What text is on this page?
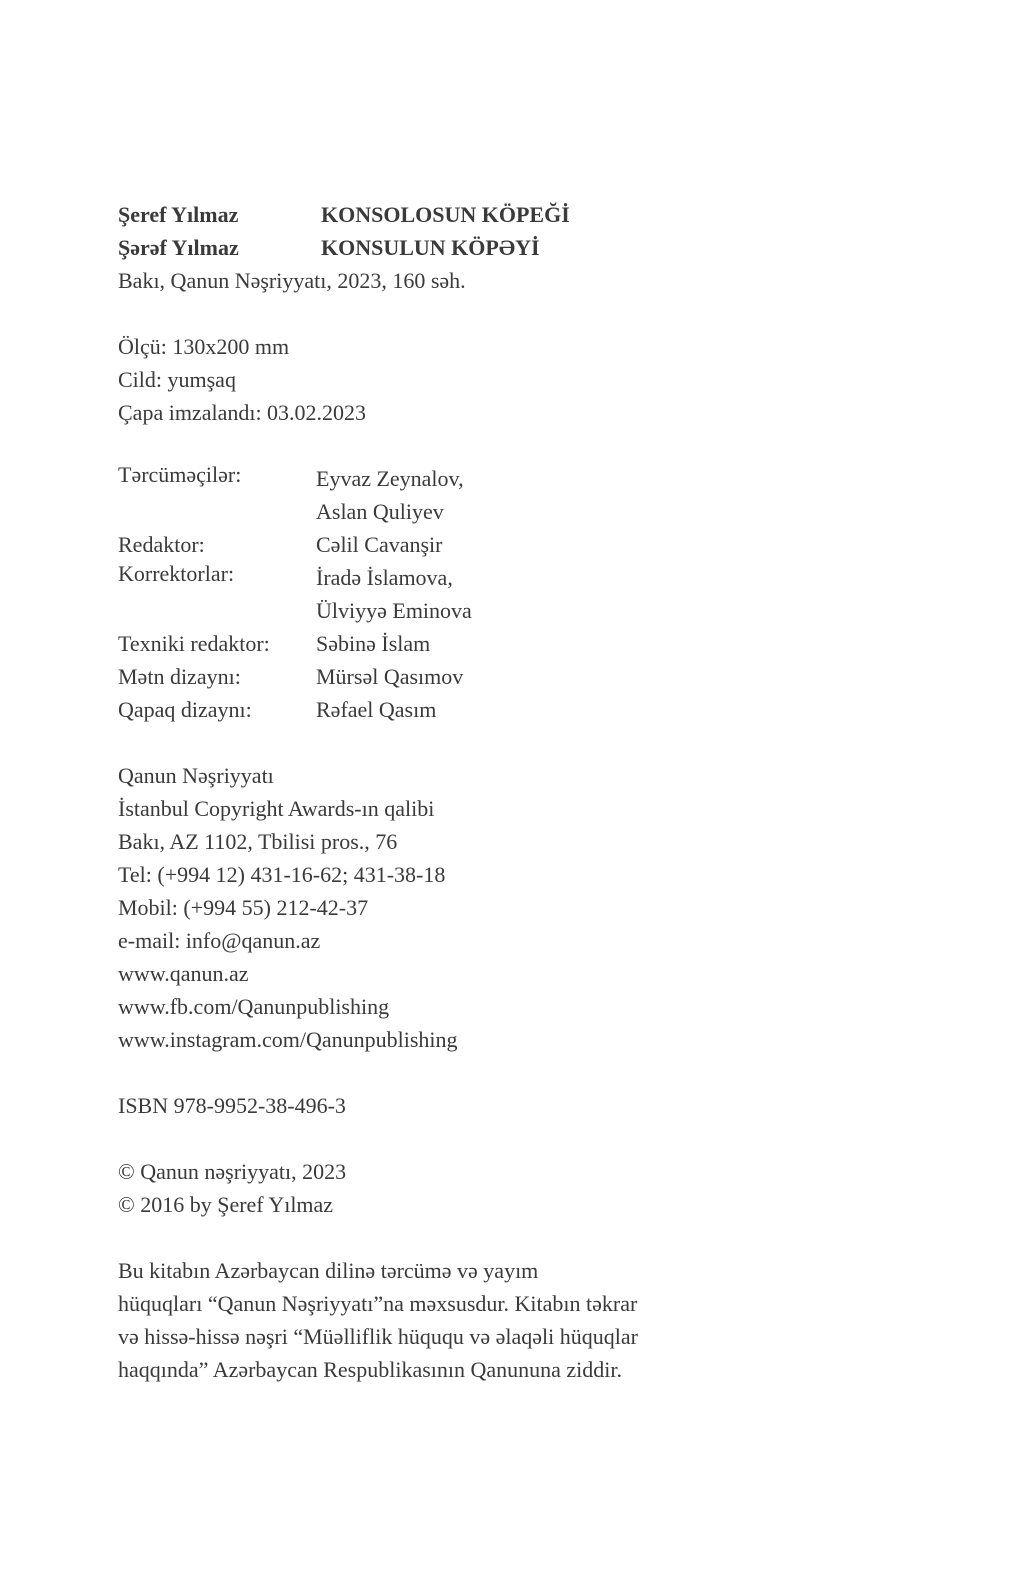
Şeref Yılmaz	KONSOLOSUN KÖPEĞİ
Şərəf Yılmaz	KONSULUN KÖPƏYİ
Bakı, Qanun Nəşriyyatı, 2023, 160 səh.
Ölçü: 130x200 mm
Cild: yumşaq
Çapa imzalandı: 03.02.2023
Tərcüməçilər:	Eyvaz Zeynalov,
Aslan Quliyev
Redaktor:	Cəlil Cavanşir
Korrektorlar:	İradə İslamova,
Ülviyyə Eminova
Texniki redaktor:	Səbinə İslam
Mətn dizaynı:	Mürsəl Qasımov
Qapaq dizaynı:	Rəfael Qasım
Qanun Nəşriyyatı
İstanbul Copyright Awards-ın qalibi
Bakı, AZ 1102, Tbilisi pros., 76
Tel: (+994 12) 431-16-62; 431-38-18
Mobil: (+994 55) 212-42-37
e-mail: info@qanun.az
www.qanun.az
www.fb.com/Qanunpublishing
www.instagram.com/Qanunpublishing
ISBN 978-9952-38-496-3
© Qanun nəşriyyatı, 2023
© 2016 by Şeref Yılmaz
Bu kitabın Azərbaycan dilinə tərcümə və yayım
hüquqları “Qanun Nəşriyyatı”na məxsusdur. Kitabın təkrar
və hissə-hissə nəşri “Müəlliflik hüququ və əlaqəli hüquqlar
haqqında” Azərbaycan Respublikasının Qanununa ziddir.
